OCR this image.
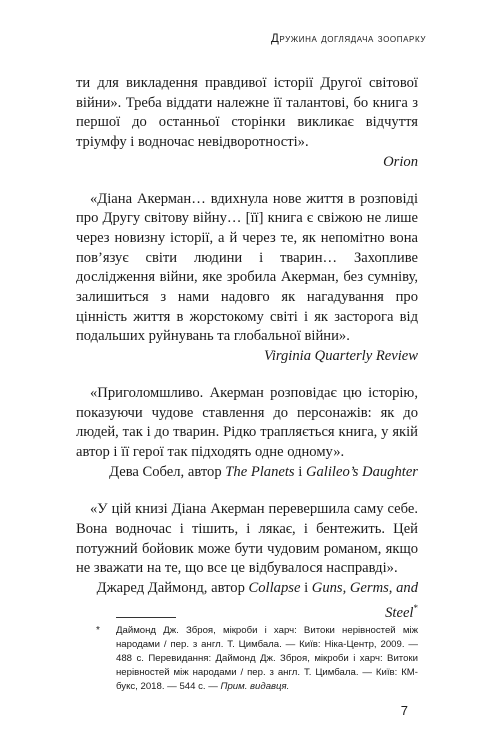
Дружина доглядача зоопарку

ти для викладення правдивої історії Другої світової війни». Треба віддати належне її талантові, бо книга з першої до останньої сторінки викликає відчуття тріумфу і водночас невідворотності».

Orion

«Діана Акерман… вдихнула нове життя в розповіді про Другу світову війну… [її] книга є свіжою не лише через новизну історії, а й через те, як непомітно вона пов’язує світи людини і тварин… Захопливе дослідження війни, яке зробила Акерман, без сумніву, залишиться з нами надовго як нагадування про цінність життя в жорстокому світі і як засторога від подальших руйнувань та глобальної війни».

Virginia Quarterly Review

«Приголомшливо. Акерман розповідає цю історію, показуючи чудове ставлення до персонажів: як до людей, так і до тварин. Рідко трапляється книга, у якій автор і її герої так підходять одне одному».

Дева Собел, автор The Planets і Galileo’s Daughter

«У цій книзі Діана Акерман перевершила саму себе. Вона водночас і тішить, і лякає, і бентежить. Цей потужний бойовик може бути чудовим романом, якщо не зважати на те, що все це відбувалося насправді».

Джаред Даймонд, автор Collapse і Guns, Germs, and Steel*

* Даймонд Дж. Зброя, мікроби і харч: Витоки нерівностей між народами / пер. з англ. Т. Цимбала. — Київ: Ніка-Центр, 2009. — 488 с. Перевидання: Даймонд Дж. Зброя, мікроби і харч: Витоки нерівностей між народами / пер. з англ. Т. Цимбала. — Київ: КМ-букс, 2018. — 544 с. — Прим. видавця.
7
